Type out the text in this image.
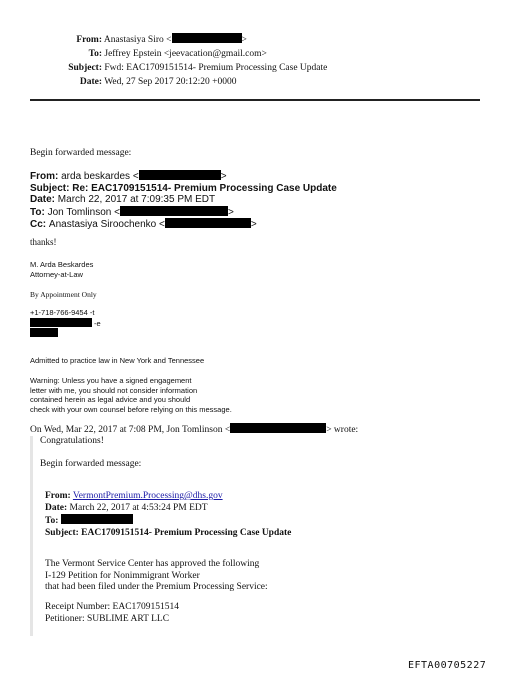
From: Anastasiya Siro <	>
To: Jeffrey Epstein <jeevacation@gmail.com>
Subject: Fwd: EAC1709151514- Premium Processing Case Update
Date: Wed, 27 Sep 2017 20:12:20 +0000
Begin forwarded message:
From: arda beskardes <	>
Subject: Re: EAC1709151514- Premium Processing Case Update
Date: March 22, 2017 at 7:09:35 PM EDT
To: Jon Tomlinson <	>
Cc: Anastasiya Siroochenko <	>
thanks!
M. Arda Beskardes
Attorney-at-Law
By Appointment Only
+1-718-766-9454 -t
-e
Admitted to practice law in New York and Tennessee
Warning: Unless you have a signed engagement
letter with me, you should not consider information
contained herein as legal advice and you should
check with your own counsel before relying on this message.
On Wed, Mar 22, 2017 at 7:08 PM, Jon Tomlinson <	> wrote:
Congratulations!
Begin forwarded message:
From: VermontPremium.Processing@dhs.gov
Date: March 22, 2017 at 4:53:24 PM EDT
To:
Subject: EAC1709151514- Premium Processing Case Update
The Vermont Service Center has approved the following
I-129 Petition for Nonimmigrant Worker
that had been filed under the Premium Processing Service:
Receipt Number: EAC1709151514
Petitioner: SUBLIME ART LLC
EFTA00705227
